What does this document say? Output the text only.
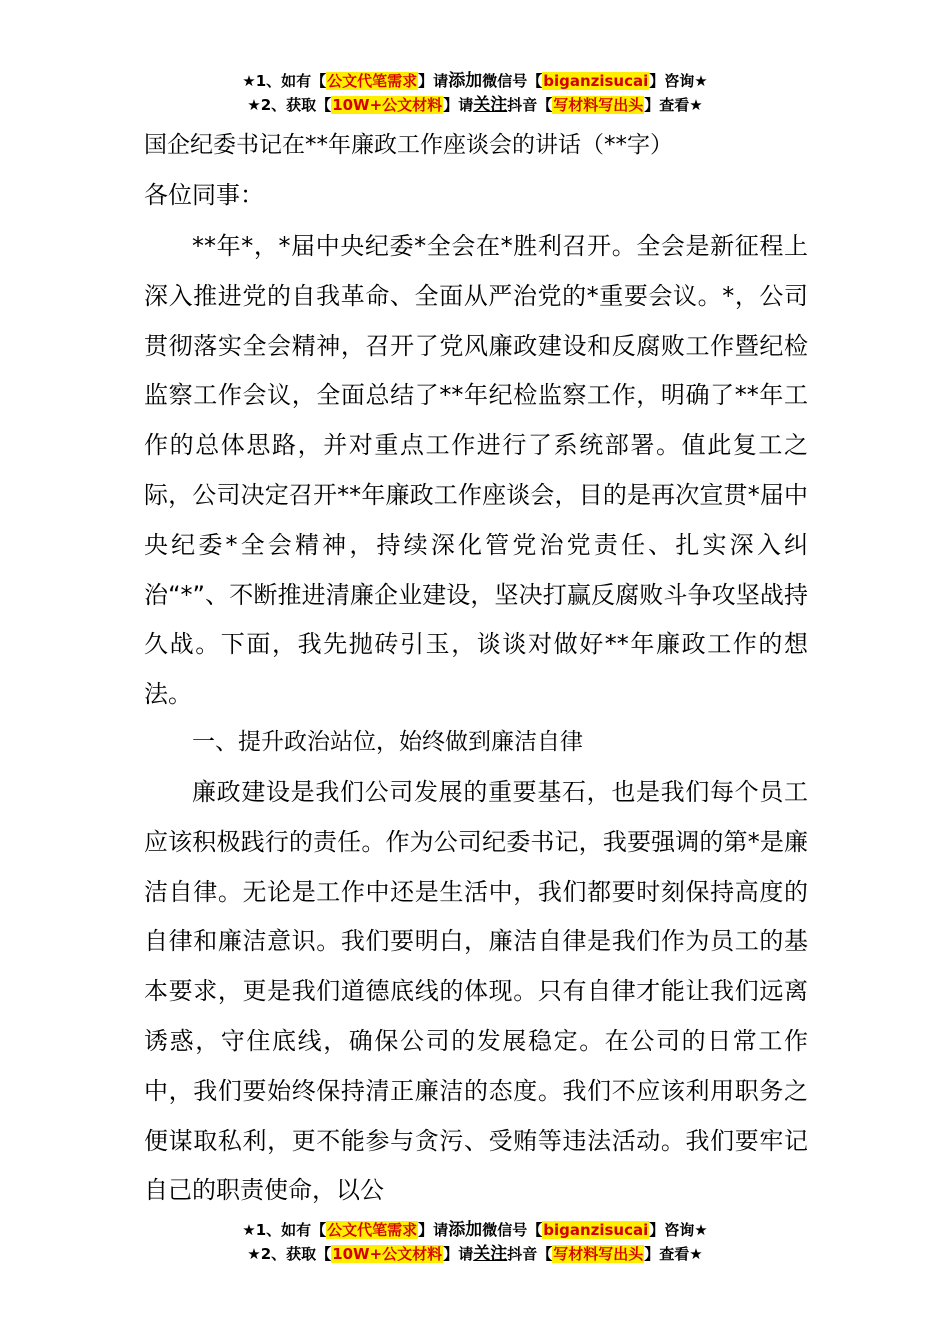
★1、如有【公文代笔需求】请添加微信号【biganzisucai】咨询★
★2、获取【10W+公文材料】请关注抖音【写材料写出头】查看★
国企纪委书记在**年廉政工作座谈会的讲话（**字）
各位同事：

**年*，*届中央纪委*全会在*胜利召开。全会是新征程上深入推进党的自我革命、全面从严治党的*重要会议。*，公司贯彻落实全会精神，召开了党风廉政建设和反腐败工作暨纪检监察工作会议，全面总结了**年纪检监察工作，明确了**年工作的总体思路，并对重点工作进行了系统部署。值此复工之际，公司决定召开**年廉政工作座谈会，目的是再次宣贯*届中央纪委*全会精神，持续深化管党治党责任、扎实深入纠治“*”、不断推进清廉企业建设，坚决打赢反腐败斗争攻坚战持久战。下面，我先抛砖引玉，谈谈对做好**年廉政工作的想法。

一、提升政治站位，始终做到廉洁自律

廉政建设是我们公司发展的重要基石，也是我们每个员工应该积极践行的责任。作为公司纪委书记，我要强调的第*是廉洁自律。无论是工作中还是生活中，我们都要时刻保持高度的自律和廉洁意识。我们要明白，廉洁自律是我们作为员工的基本要求，更是我们道德底线的体现。只有自律才能让我们远离诱惑，守住底线，确保公司的发展稳定。在公司的日常工作中，我们要始终保持清正廉洁的态度。我们不应该利用职务之便谋取私利，更不能参与贪污、受贿等违法活动。我们要牢记自己的职责使命，以公

★1、如有【公文代笔需求】请添加微信号【biganzisucai】咨询★
★2、获取【10W+公文材料】请关注抖音【写材料写出头】查看★
